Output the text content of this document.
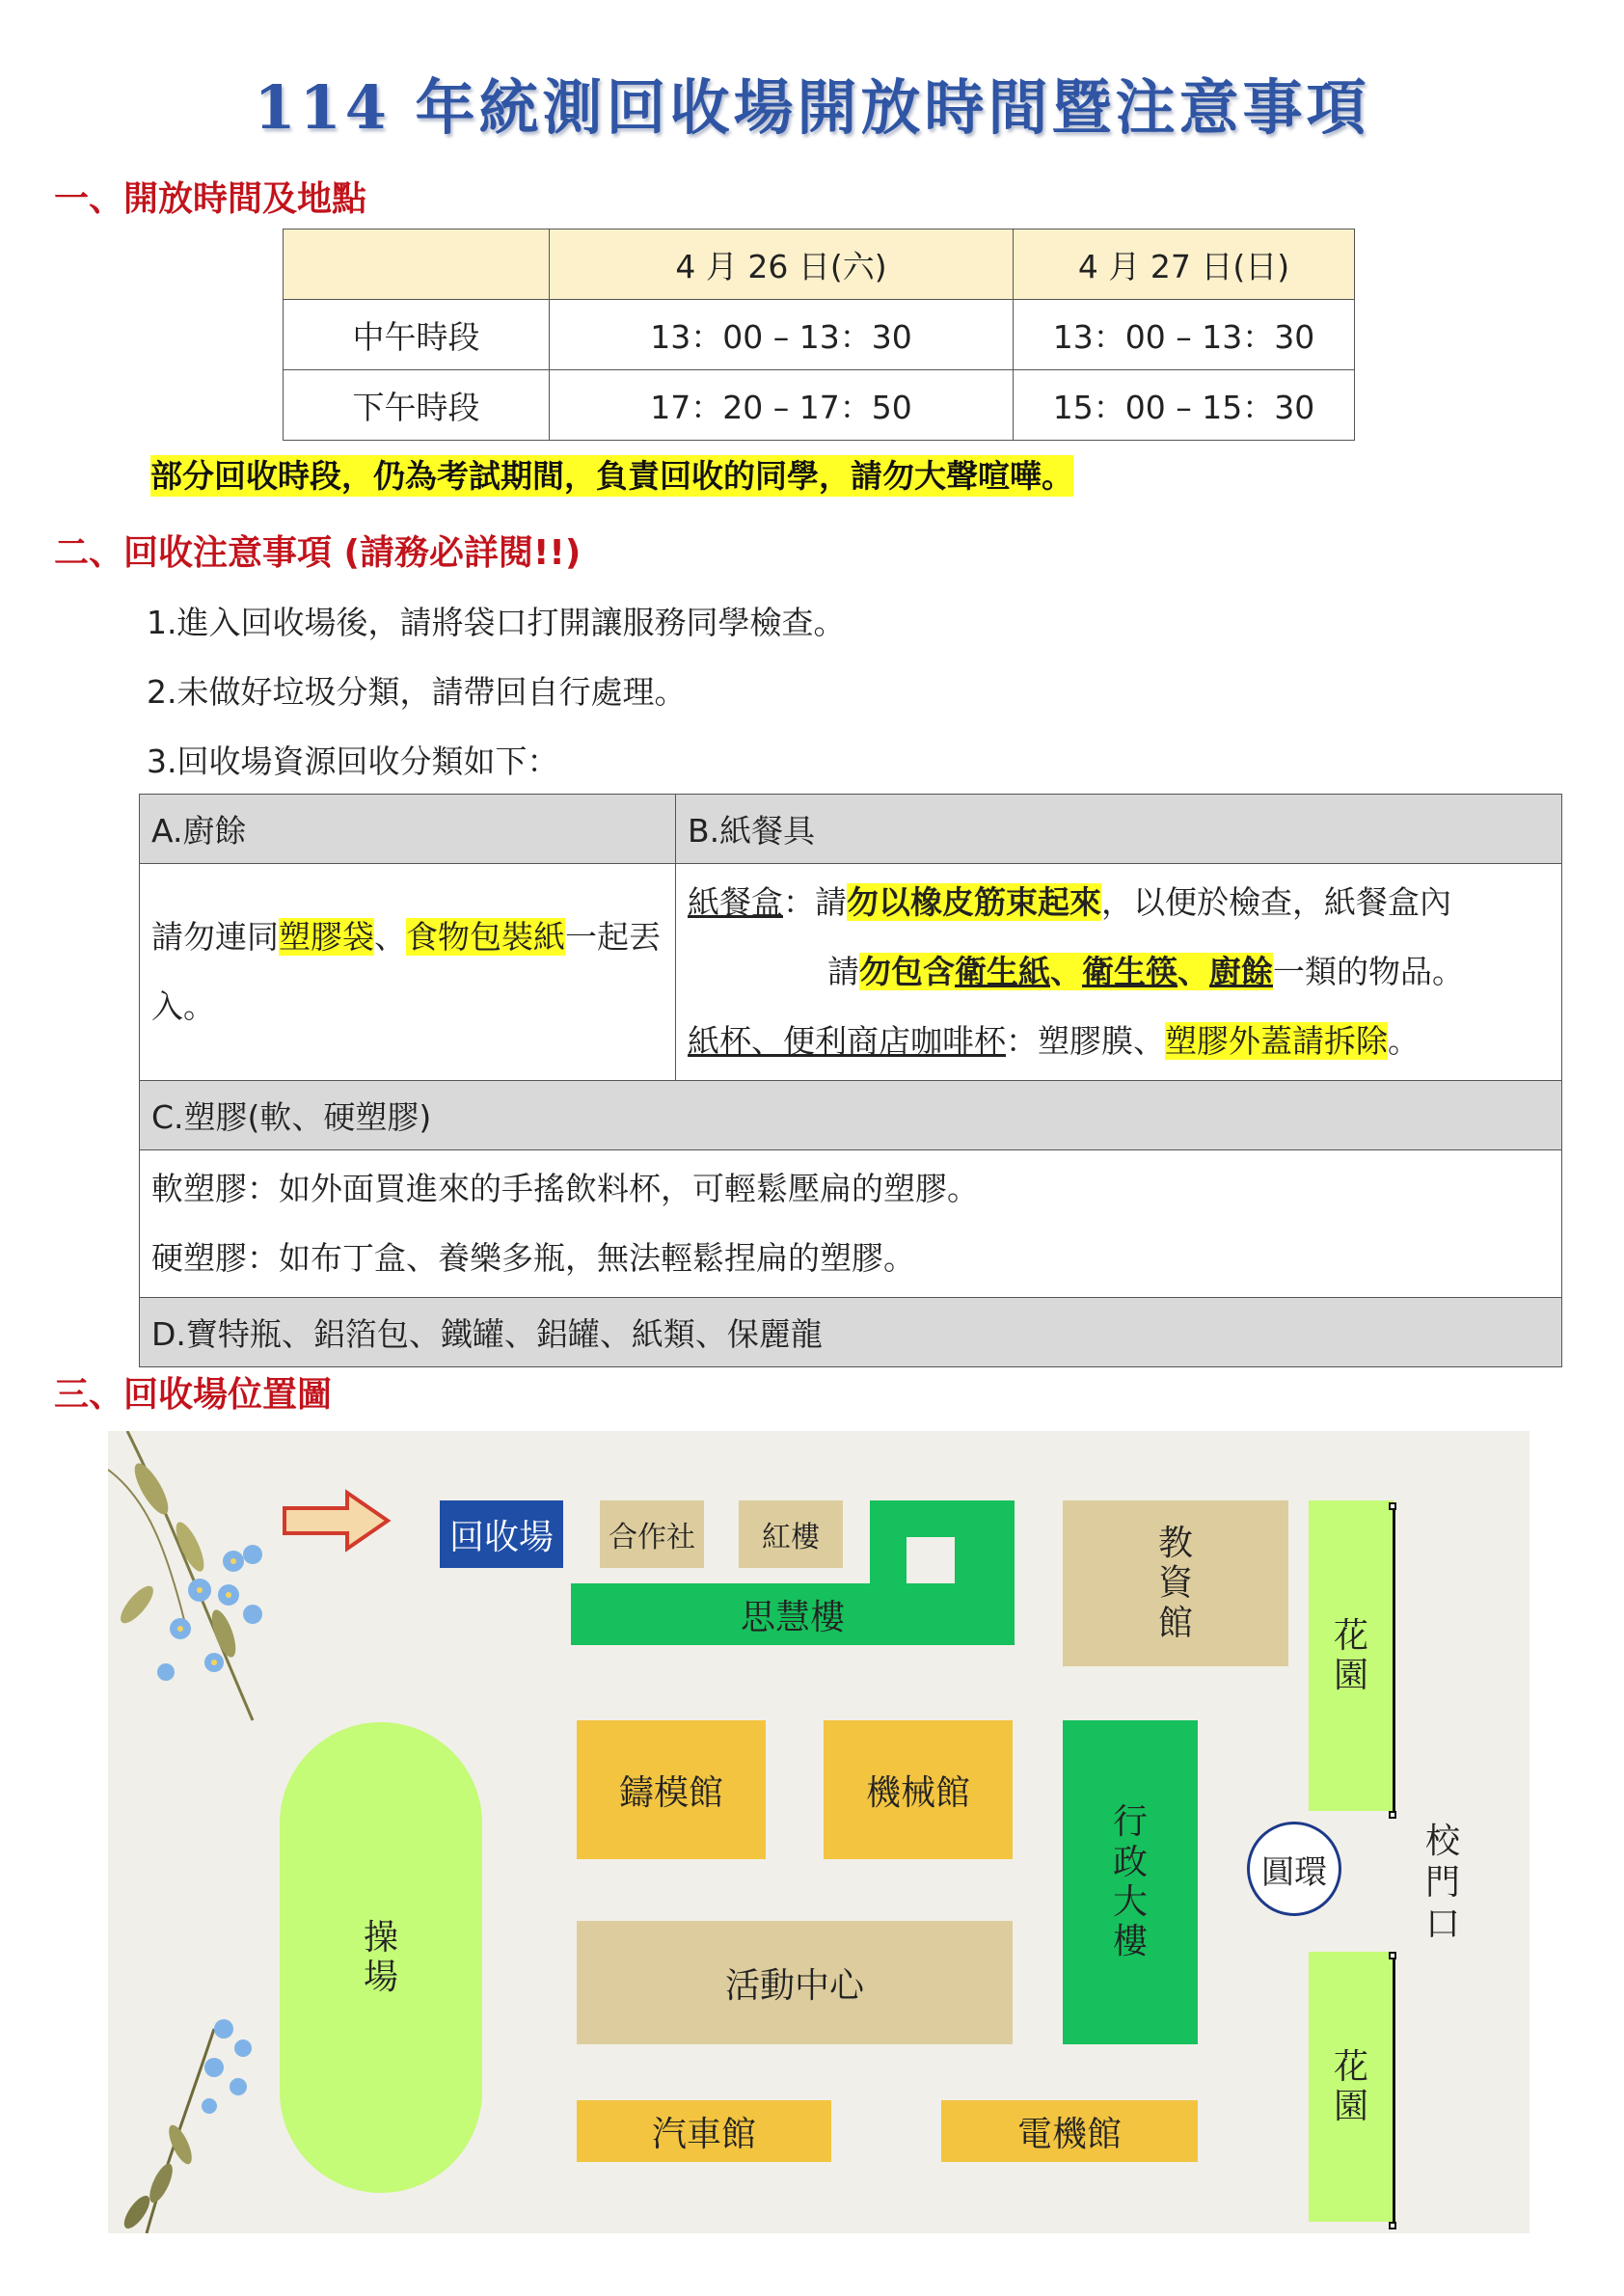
114 年統測回收場開放時間暨注意事項
一、開放時間及地點
	4 月 26 日(六)	4 月 27 日(日)
中午時段	13：00 – 13：30	13：00 – 13：30
下午時段	17：20 – 17：50	15：00 – 15：30
部分回收時段，仍為考試期間，負責回收的同學，請勿大聲喧嘩。
二、回收注意事項 (請務必詳閱!!)
1.進入回收場後，請將袋口打開讓服務同學檢查。
2.未做好垃圾分類，請帶回自行處理。
3.回收場資源回收分類如下：
A.廚餘	B.紙餐具
請勿連同塑膠袋、食物包裝紙一起丟入。	紙餐盒：請勿以橡皮筋束起來，以便於檢查，紙餐盒內
請勿包含衛生紙、衛生筷、廚餘一類的物品。
紙杯、便利商店咖啡杯：塑膠膜、塑膠外蓋請拆除。

C.塑膠(軟、硬塑膠)	

軟塑膠：如外面買進來的手搖飲料杯，可輕鬆壓扁的塑膠。
硬塑膠：如布丁盒、養樂多瓶，無法輕鬆捏扁的塑膠。	

D.寶特瓶、鋁箔包、鐵罐、鋁罐、紙類、保麗龍	
三、回收場位置圖
回收場	合作社	紅樓
思慧樓
教
資
館	花
園
鑄模館	機械館
行
政
大
樓
圓環
校
門
口
操
場	活動中心
花
園
汽車館	電機館
